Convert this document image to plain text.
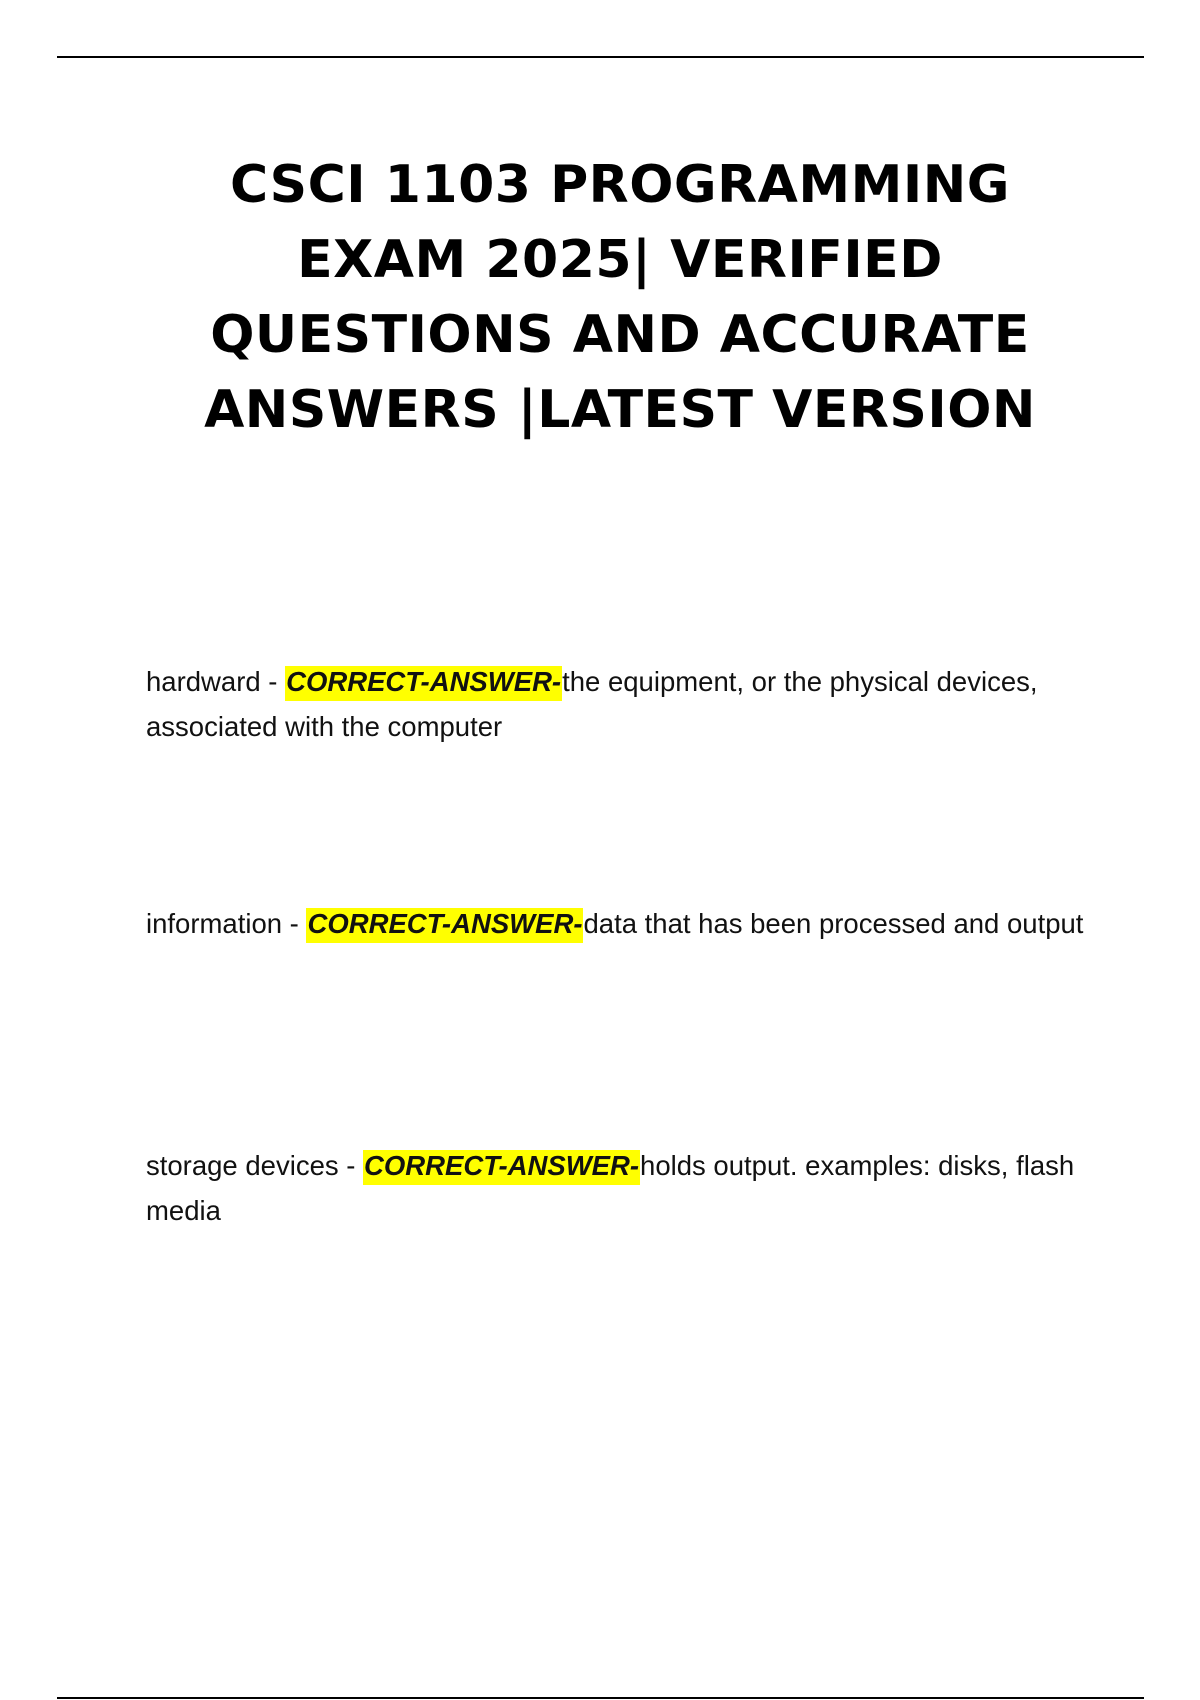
CSCI 1103 PROGRAMMING
EXAM 2025| VERIFIED
QUESTIONS AND ACCURATE
ANSWERS |LATEST VERSION

hardward - CORRECT-ANSWER-the equipment, or the physical devices, associated with the computer

information - CORRECT-ANSWER-data that has been processed and output

storage devices - CORRECT-ANSWER-holds output. examples: disks, flash media
